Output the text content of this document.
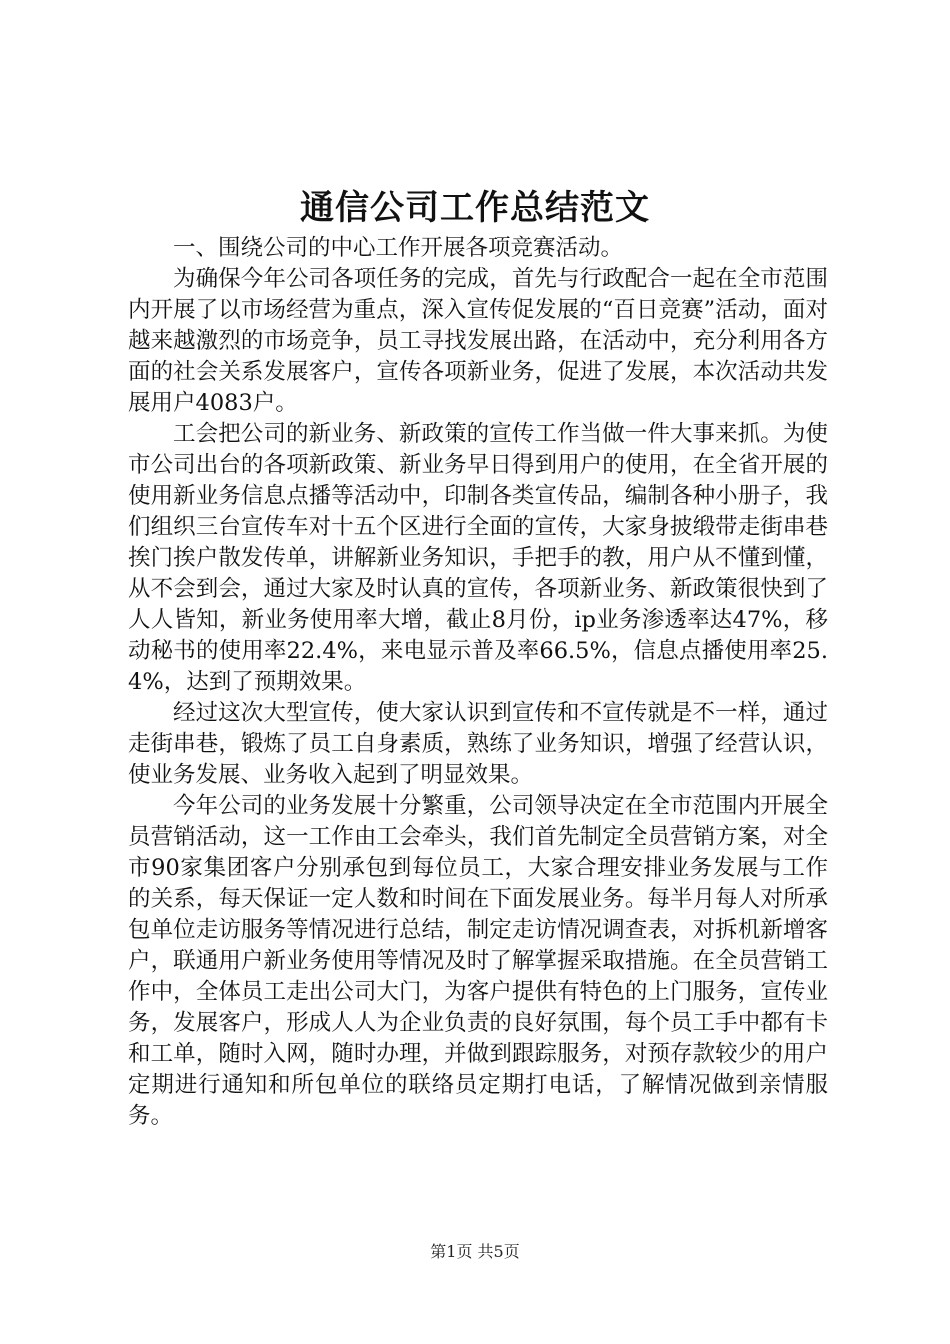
通信公司工作总结范文

一、围绕公司的中心工作开展各项竞赛活动。

为确保今年公司各项任务的完成，首先与行政配合一起在全市范围内开展了以市场经营为重点，深入宣传促发展的“百日竞赛”活动，面对越来越激烈的市场竞争，员工寻找发展出路，在活动中，充分利用各方面的社会关系发展客户，宣传各项新业务，促进了发展，本次活动共发展用户4083户。

工会把公司的新业务、新政策的宣传工作当做一件大事来抓。为使市公司出台的各项新政策、新业务早日得到用户的使用，在全省开展的使用新业务信息点播等活动中，印制各类宣传品，编制各种小册子，我们组织三台宣传车对十五个区进行全面的宣传，大家身披缎带走街串巷挨门挨户散发传单，讲解新业务知识，手把手的教，用户从不懂到懂，从不会到会，通过大家及时认真的宣传，各项新业务、新政策很快到了人人皆知，新业务使用率大增，截止8月份，ip业务渗透率达47%，移动秘书的使用率22.4%，来电显示普及率66.5%，信息点播使用率25.4%，达到了预期效果。

经过这次大型宣传，使大家认识到宣传和不宣传就是不一样，通过走街串巷，锻炼了员工自身素质，熟练了业务知识，增强了经营认识，使业务发展、业务收入起到了明显效果。

今年公司的业务发展十分繁重，公司领导决定在全市范围内开展全员营销活动，这一工作由工会牵头，我们首先制定全员营销方案，对全市90家集团客户分别承包到每位员工，大家合理安排业务发展与工作的关系，每天保证一定人数和时间在下面发展业务。每半月每人对所承包单位走访服务等情况进行总结，制定走访情况调查表，对拆机新增客户，联通用户新业务使用等情况及时了解掌握采取措施。在全员营销工作中，全体员工走出公司大门，为客户提供有特色的上门服务，宣传业务，发展客户，形成人人为企业负责的良好氛围，每个员工手中都有卡和工单，随时入网，随时办理，并做到跟踪服务，对预存款较少的用户定期进行通知和所包单位的联络员定期打电话，了解情况做到亲情服务。

第1页 共5页
